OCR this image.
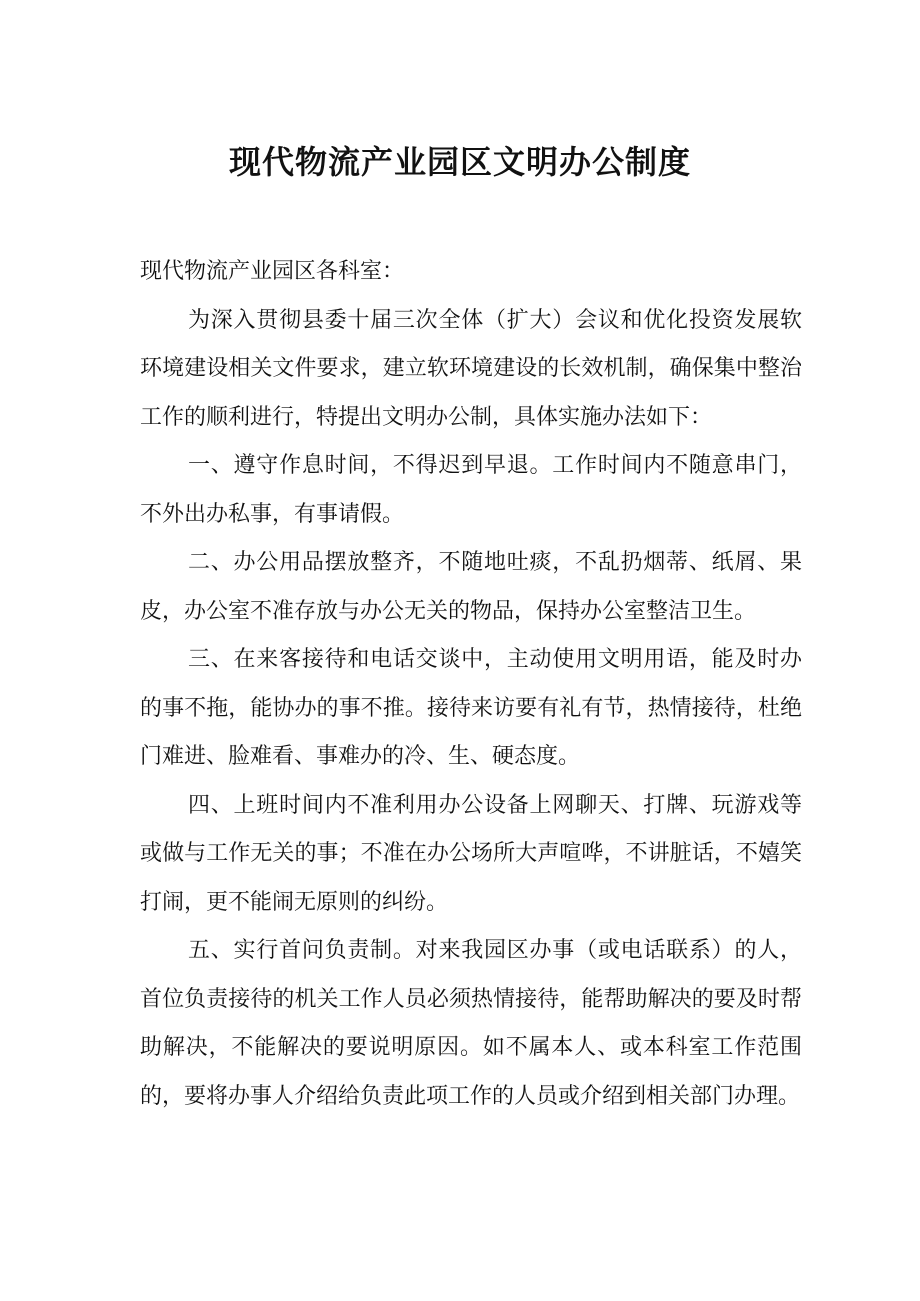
现代物流产业园区文明办公制度

现代物流产业园区各科室：

为深入贯彻县委十届三次全体（扩大）会议和优化投资发展软环境建设相关文件要求，建立软环境建设的长效机制，确保集中整治工作的顺利进行，特提出文明办公制，具体实施办法如下：

一、遵守作息时间，不得迟到早退。工作时间内不随意串门，不外出办私事，有事请假。

二、办公用品摆放整齐，不随地吐痰，不乱扔烟蒂、纸屑、果皮，办公室不准存放与办公无关的物品，保持办公室整洁卫生。

三、在来客接待和电话交谈中，主动使用文明用语，能及时办的事不拖，能协办的事不推。接待来访要有礼有节，热情接待，杜绝门难进、脸难看、事难办的冷、生、硬态度。

四、上班时间内不准利用办公设备上网聊天、打牌、玩游戏等或做与工作无关的事；不准在办公场所大声喧哗，不讲脏话，不嬉笑打闹，更不能闹无原则的纠纷。

五、实行首问负责制。对来我园区办事（或电话联系）的人，首位负责接待的机关工作人员必须热情接待，能帮助解决的要及时帮助解决，不能解决的要说明原因。如不属本人、或本科室工作范围的，要将办事人介绍给负责此项工作的人员或介绍到相关部门办理。
